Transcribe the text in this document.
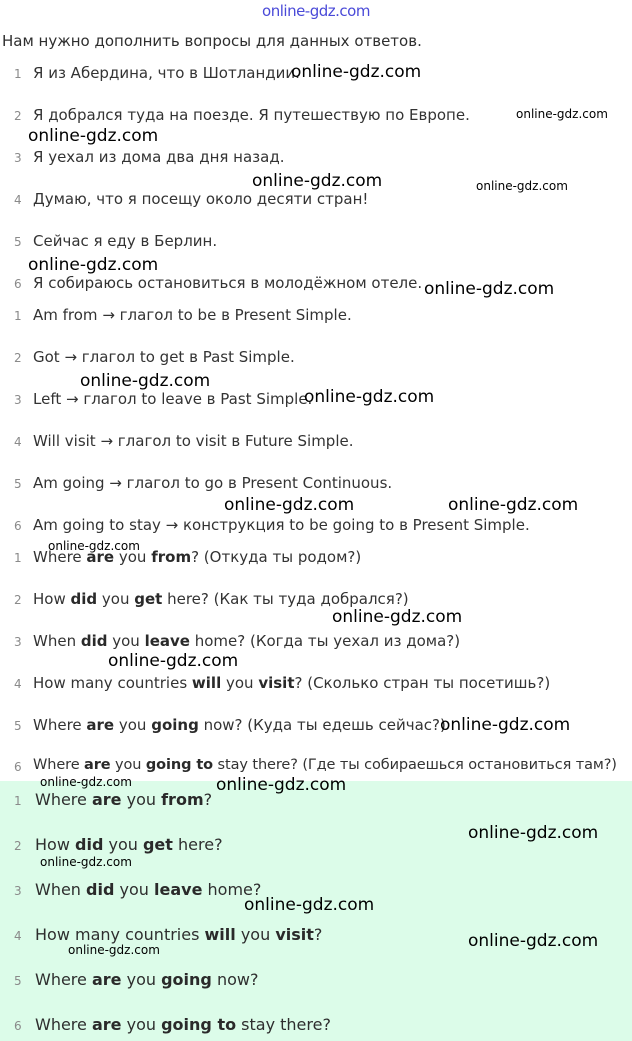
online-gdz.com
Нам нужно дополнить вопросы для данных ответов.
1 Я из Абердина, что в Шотландии.
2 Я добрался туда на поезде. Я путешествую по Европе.
3 Я уехал из дома два дня назад.
4 Думаю, что я посещу около десяти стран!
5 Сейчас я еду в Берлин.
6 Я собираюсь остановиться в молодёжном отеле.
1 Am from → глагол to be в Present Simple.
2 Got → глагол to get в Past Simple.
3 Left → глагол to leave в Past Simple.
4 Will visit → глагол to visit в Future Simple.
5 Am going → глагол to go в Present Continuous.
6 Am going to stay → конструкция to be going to в Present Simple.
1 Where are you from? (Откуда ты родом?)
2 How did you get here? (Как ты туда добрался?)
3 When did you leave home? (Когда ты уехал из дома?)
4 How many countries will you visit? (Сколько стран ты посетишь?)
5 Where are you going now? (Куда ты едешь сейчас?)
6 Where are you going to stay there? (Где ты собираешься остановиться там?)
1 Where are you from?
2 How did you get here?
3 When did you leave home?
4 How many countries will you visit?
5 Where are you going now?
6 Where are you going to stay there?
online-gdz.com
online-gdz.com
online-gdz.com
online-gdz.com	online-gdz.com
online-gdz.com
online-gdz.com
online-gdz.com
online-gdz.com
online-gdz.com	online-gdz.com
online-gdz.com
online-gdz.com
online-gdz.com
online-gdz.com
online-gdz.com	online-gdz.com
online-gdz.com
online-gdz.com
online-gdz.com
online-gdz.com
online-gdz.com
